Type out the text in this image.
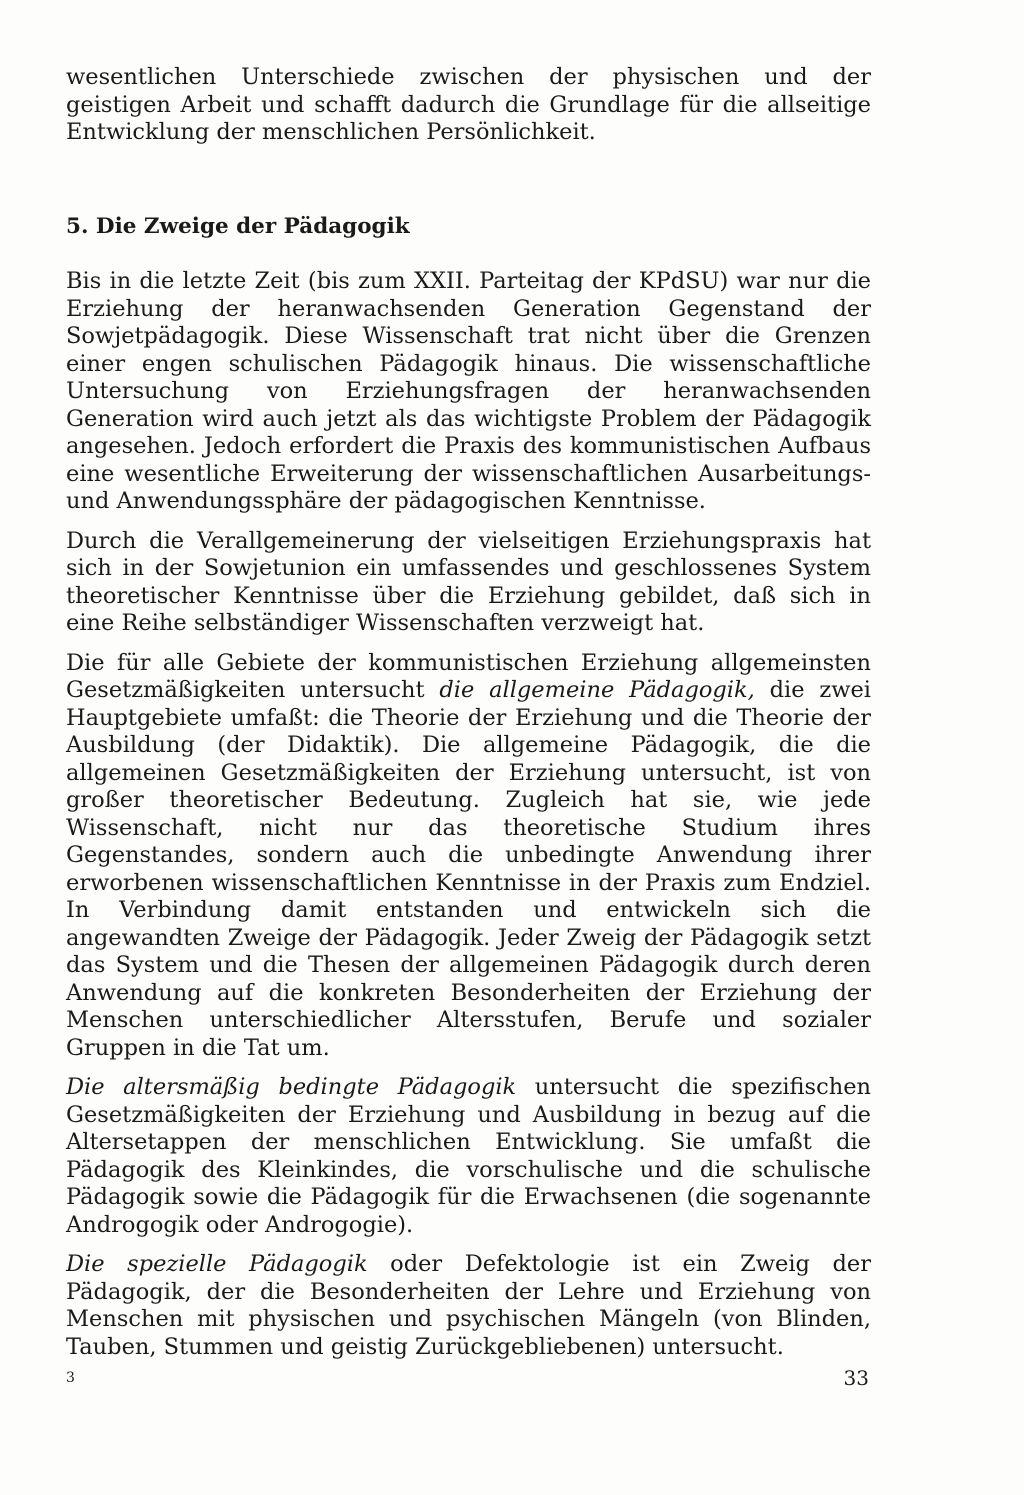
wesentlichen Unterschiede zwischen der physischen und der geistigen Arbeit und schafft dadurch die Grundlage für die allseitige Entwicklung der menschlichen Persönlichkeit.

5. Die Zweige der Pädagogik

Bis in die letzte Zeit (bis zum XXII. Parteitag der KPdSU) war nur die Erziehung der heranwachsenden Generation Gegenstand der Sowjetpädagogik. Diese Wissenschaft trat nicht über die Grenzen einer engen schulischen Pädagogik hinaus. Die wissenschaftliche Untersuchung von Erziehungsfragen der heranwachsenden Generation wird auch jetzt als das wichtigste Problem der Pädagogik angesehen. Jedoch erfordert die Praxis des kommunistischen Aufbaus eine wesentliche Erweiterung der wissenschaftlichen Ausarbeitungs- und Anwendungssphäre der pädagogischen Kenntnisse.

Durch die Verallgemeinerung der vielseitigen Erziehungspraxis hat sich in der Sowjetunion ein umfassendes und geschlossenes System theoretischer Kenntnisse über die Erziehung gebildet, daß sich in eine Reihe selbständiger Wissenschaften verzweigt hat.

Die für alle Gebiete der kommunistischen Erziehung allgemeinsten Gesetzmäßigkeiten untersucht die allgemeine Pädagogik, die zwei Hauptgebiete umfaßt: die Theorie der Erziehung und die Theorie der Ausbildung (der Didaktik). Die allgemeine Pädagogik, die die allgemeinen Gesetzmäßigkeiten der Erziehung untersucht, ist von großer theoretischer Bedeutung. Zugleich hat sie, wie jede Wissenschaft, nicht nur das theoretische Studium ihres Gegenstandes, sondern auch die unbedingte Anwendung ihrer erworbenen wissenschaftlichen Kenntnisse in der Praxis zum Endziel. In Verbindung damit entstanden und entwickeln sich die angewandten Zweige der Pädagogik. Jeder Zweig der Pädagogik setzt das System und die Thesen der allgemeinen Pädagogik durch deren Anwendung auf die konkreten Besonderheiten der Erziehung der Menschen unterschiedlicher Altersstufen, Berufe und sozialer Gruppen in die Tat um.

Die altersmäßig bedingte Pädagogik untersucht die spezifischen Gesetzmäßigkeiten der Erziehung und Ausbildung in bezug auf die Altersetappen der menschlichen Entwicklung. Sie umfaßt die Pädagogik des Kleinkindes, die vorschulische und die schulische Pädagogik sowie die Pädagogik für die Erwachsenen (die sogenannte Androgogik oder Androgogie).

Die spezielle Pädagogik oder Defektologie ist ein Zweig der Pädagogik, der die Besonderheiten der Lehre und Erziehung von Menschen mit physischen und psychischen Mängeln (von Blinden, Tauben, Stummen und geistig Zurückgebliebenen) untersucht.

3	33
